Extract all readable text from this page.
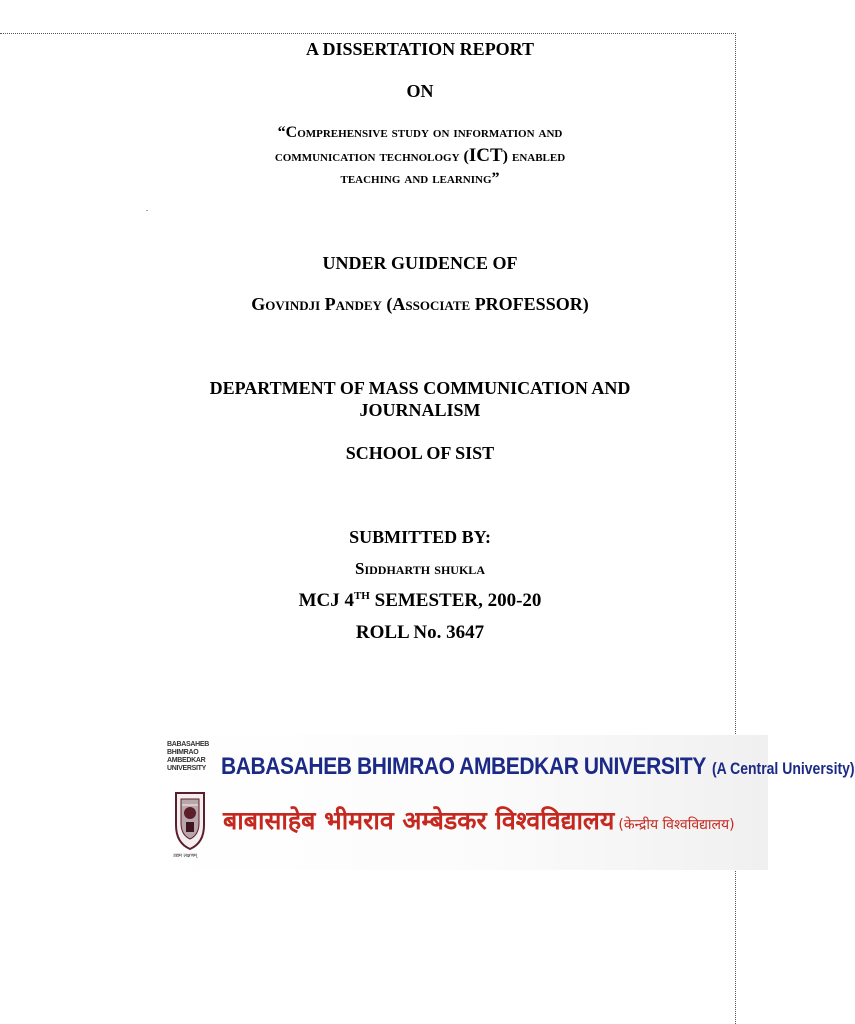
.
A DISSERTATION REPORT
ON
“Comprehensive study on information and
communication technology (ICT) enabled
teaching and learning”
UNDER GUIDENCE OF
Govindji Pandey (Associate PROFESSOR)
DEPARTMENT OF MASS COMMUNICATION AND
JOURNALISM
SCHOOL OF SIST
SUBMITTED BY:
Siddharth shukla
MCJ 4TH SEMESTER, 200-20
ROLL No. 3647
BABASAHEB BHIMRAO AMBEDKAR UNIVERSITY
उद्यम लक्षणम्
BABASAHEB BHIMRAO AMBEDKAR UNIVERSITY (A Central University)
बाबासाहेब भीमराव अम्बेडकर विश्वविद्यालय (केन्द्रीय विश्वविद्यालय)
